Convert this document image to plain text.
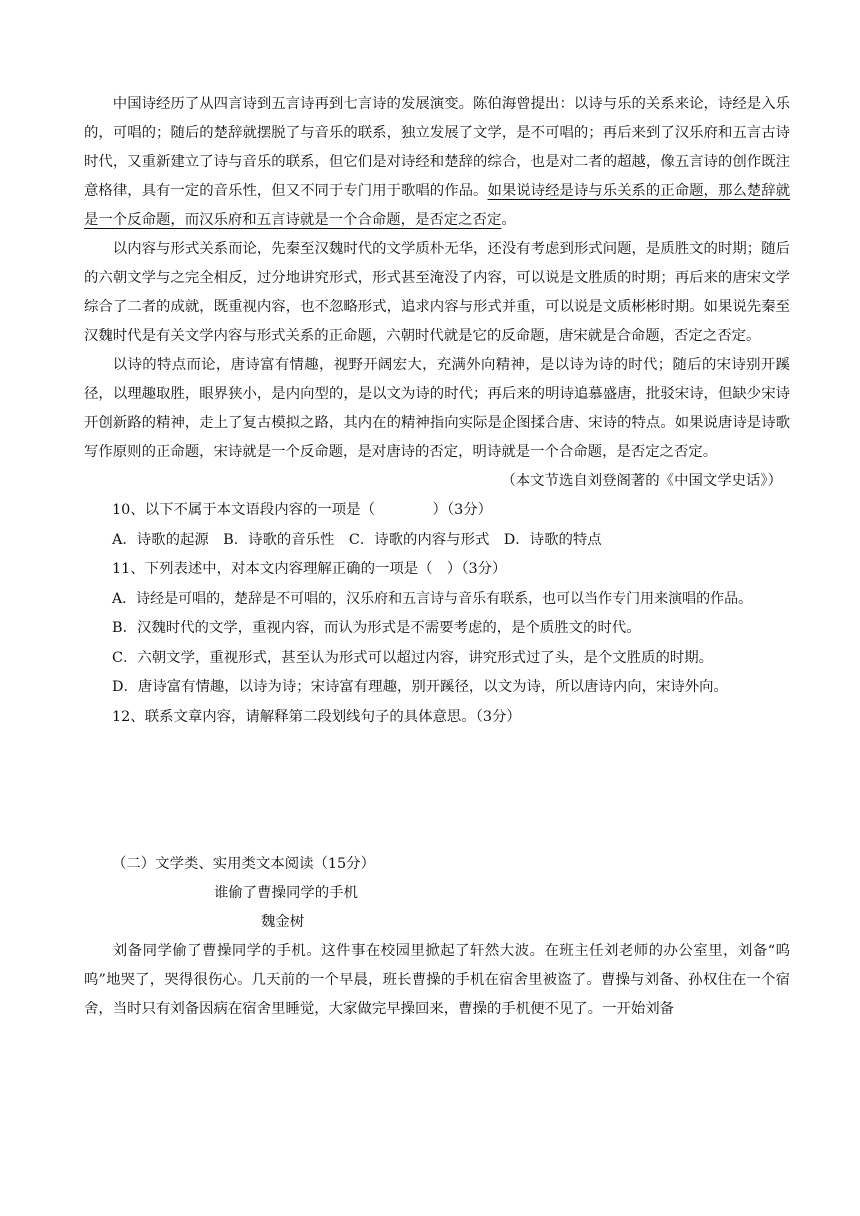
中国诗经历了从四言诗到五言诗再到七言诗的发展演变。陈伯海曾提出：以诗与乐的关系来论，诗经是入乐的，可唱的；随后的楚辞就摆脱了与音乐的联系，独立发展了文学，是不可唱的；再后来到了汉乐府和五言古诗时代，又重新建立了诗与音乐的联系，但它们是对诗经和楚辞的综合，也是对二者的超越，像五言诗的创作既注意格律，具有一定的音乐性，但又不同于专门用于歌唱的作品。如果说诗经是诗与乐关系的正命题，那么楚辞就是一个反命题，而汉乐府和五言诗就是一个合命题，是否定之否定。

以内容与形式关系而论，先秦至汉魏时代的文学质朴无华，还没有考虑到形式问题，是质胜文的时期；随后的六朝文学与之完全相反，过分地讲究形式，形式甚至淹没了内容，可以说是文胜质的时期；再后来的唐宋文学综合了二者的成就，既重视内容，也不忽略形式，追求内容与形式并重，可以说是文质彬彬时期。如果说先秦至汉魏时代是有关文学内容与形式关系的正命题，六朝时代就是它的反命题，唐宋就是合命题，否定之否定。

以诗的特点而论，唐诗富有情趣，视野开阔宏大，充满外向精神，是以诗为诗的时代；随后的宋诗别开蹊径，以理趣取胜，眼界狭小，是内向型的，是以文为诗的时代；再后来的明诗追慕盛唐，批驳宋诗，但缺少宋诗开创新路的精神，走上了复古模拟之路，其内在的精神指向实际是企图揉合唐、宋诗的特点。如果说唐诗是诗歌写作原则的正命题，宋诗就是一个反命题，是对唐诗的否定，明诗就是一个合命题，是否定之否定。

（本文节选自刘登阁著的《中国文学史话》）

10、以下不属于本文语段内容的一项是（　　　　）（3分）

A．诗歌的起源　B．诗歌的音乐性　C．诗歌的内容与形式　D．诗歌的特点

11、下列表述中，对本文内容理解正确的一项是（　）（3分）

A．诗经是可唱的，楚辞是不可唱的，汉乐府和五言诗与音乐有联系，也可以当作专门用来演唱的作品。

B．汉魏时代的文学，重视内容，而认为形式是不需要考虑的，是个质胜文的时代。

C．六朝文学，重视形式，甚至认为形式可以超过内容，讲究形式过了头，是个文胜质的时期。

D．唐诗富有情趣，以诗为诗；宋诗富有理趣，别开蹊径，以文为诗，所以唐诗内向，宋诗外向。

12、联系文章内容，请解释第二段划线句子的具体意思。（3分）

（二）文学类、实用类文本阅读（15分）

谁偷了曹操同学的手机

魏金树

刘备同学偷了曹操同学的手机。这件事在校园里掀起了轩然大波。在班主任刘老师的办公室里，刘备“呜呜”地哭了，哭得很伤心。几天前的一个早晨，班长曹操的手机在宿舍里被盗了。曹操与刘备、孙权住在一个宿舍，当时只有刘备因病在宿舍里睡觉，大家做完早操回来，曹操的手机便不见了。一开始刘备
